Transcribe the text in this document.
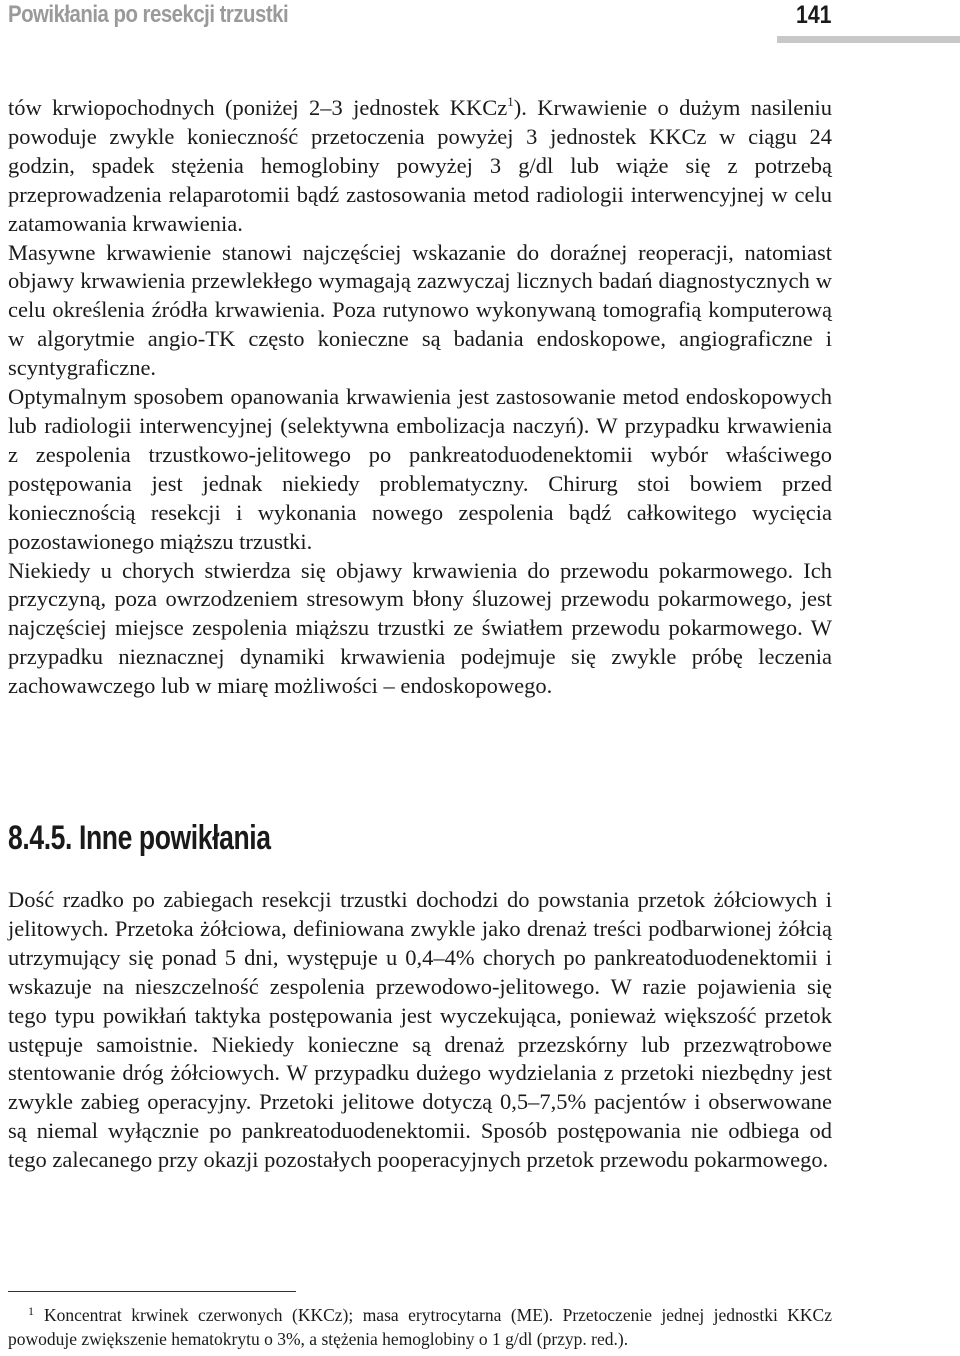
Powikłania po resekcji trzustki	141

tów krwiopochodnych (poniżej 2–3 jednostek KKCz$^1$). Krwawienie o dużym nasileniu powoduje zwykle konieczność przetoczenia powyżej 3 jednostek KKCz w ciągu 24 godzin, spadek stężenia hemoglobiny powyżej 3 g/dl lub wiąże się z potrzebą przeprowadzenia relaparotomii bądź zastosowania metod radiologii interwencyjnej w celu zatamowania krwawienia.

Masywne krwawienie stanowi najczęściej wskazanie do doraźnej reoperacji, natomiast objawy krwawienia przewlekłego wymagają zazwyczaj licznych badań diagnostycznych w celu określenia źródła krwawienia. Poza rutynowo wykonywaną tomografią komputerową w algorytmie angio-TK często konieczne są badania endoskopowe, angiograficzne i scyntygraficzne.

Optymalnym sposobem opanowania krwawienia jest zastosowanie metod endoskopowych lub radiologii interwencyjnej (selektywna embolizacja naczyń). W przypadku krwawienia z zespolenia trzustkowo-jelitowego po pankreatoduodenektomii wybór właściwego postępowania jest jednak niekiedy problematyczny. Chirurg stoi bowiem przed koniecznością resekcji i wykonania nowego zespolenia bądź całkowitego wycięcia pozostawionego miąższu trzustki.

Niekiedy u chorych stwierdza się objawy krwawienia do przewodu pokarmowego. Ich przyczyną, poza owrzodzeniem stresowym błony śluzowej przewodu pokarmowego, jest najczęściej miejsce zespolenia miąższu trzustki ze światłem przewodu pokarmowego. W przypadku nieznacznej dynamiki krwawienia podejmuje się zwykle próbę leczenia zachowawczego lub w miarę możliwości – endoskopowego.

8.4.5. Inne powikłania

Dość rzadko po zabiegach resekcji trzustki dochodzi do powstania przetok żółciowych i jelitowych. Przetoka żółciowa, definiowana zwykle jako drenaż treści podbarwionej żółcią utrzymujący się ponad 5 dni, występuje u 0,4–4% chorych po pankreatoduodenektomii i wskazuje na nieszczelność zespolenia przewodowo-jelitowego. W razie pojawienia się tego typu powikłań taktyka postępowania jest wyczekująca, ponieważ większość przetok ustępuje samoistnie. Niekiedy konieczne są drenaż przezskórny lub przezwątrobowe stentowanie dróg żółciowych. W przypadku dużego wydzielania z przetoki niezbędny jest zwykle zabieg operacyjny. Przetoki jelitowe dotyczą 0,5–7,5% pacjentów i obserwowane są niemal wyłącznie po pankreatoduodenektomii. Sposób postępowania nie odbiega od tego zalecanego przy okazji pozostałych pooperacyjnych przetok przewodu pokarmowego.

$^1$ Koncentrat krwinek czerwonych (KKCz); masa erytrocytarna (ME). Przetoczenie jednej jednostki KKCz powoduje zwiększenie hematokrytu o 3%, a stężenia hemoglobiny o 1 g/dl (przyp. red.).
